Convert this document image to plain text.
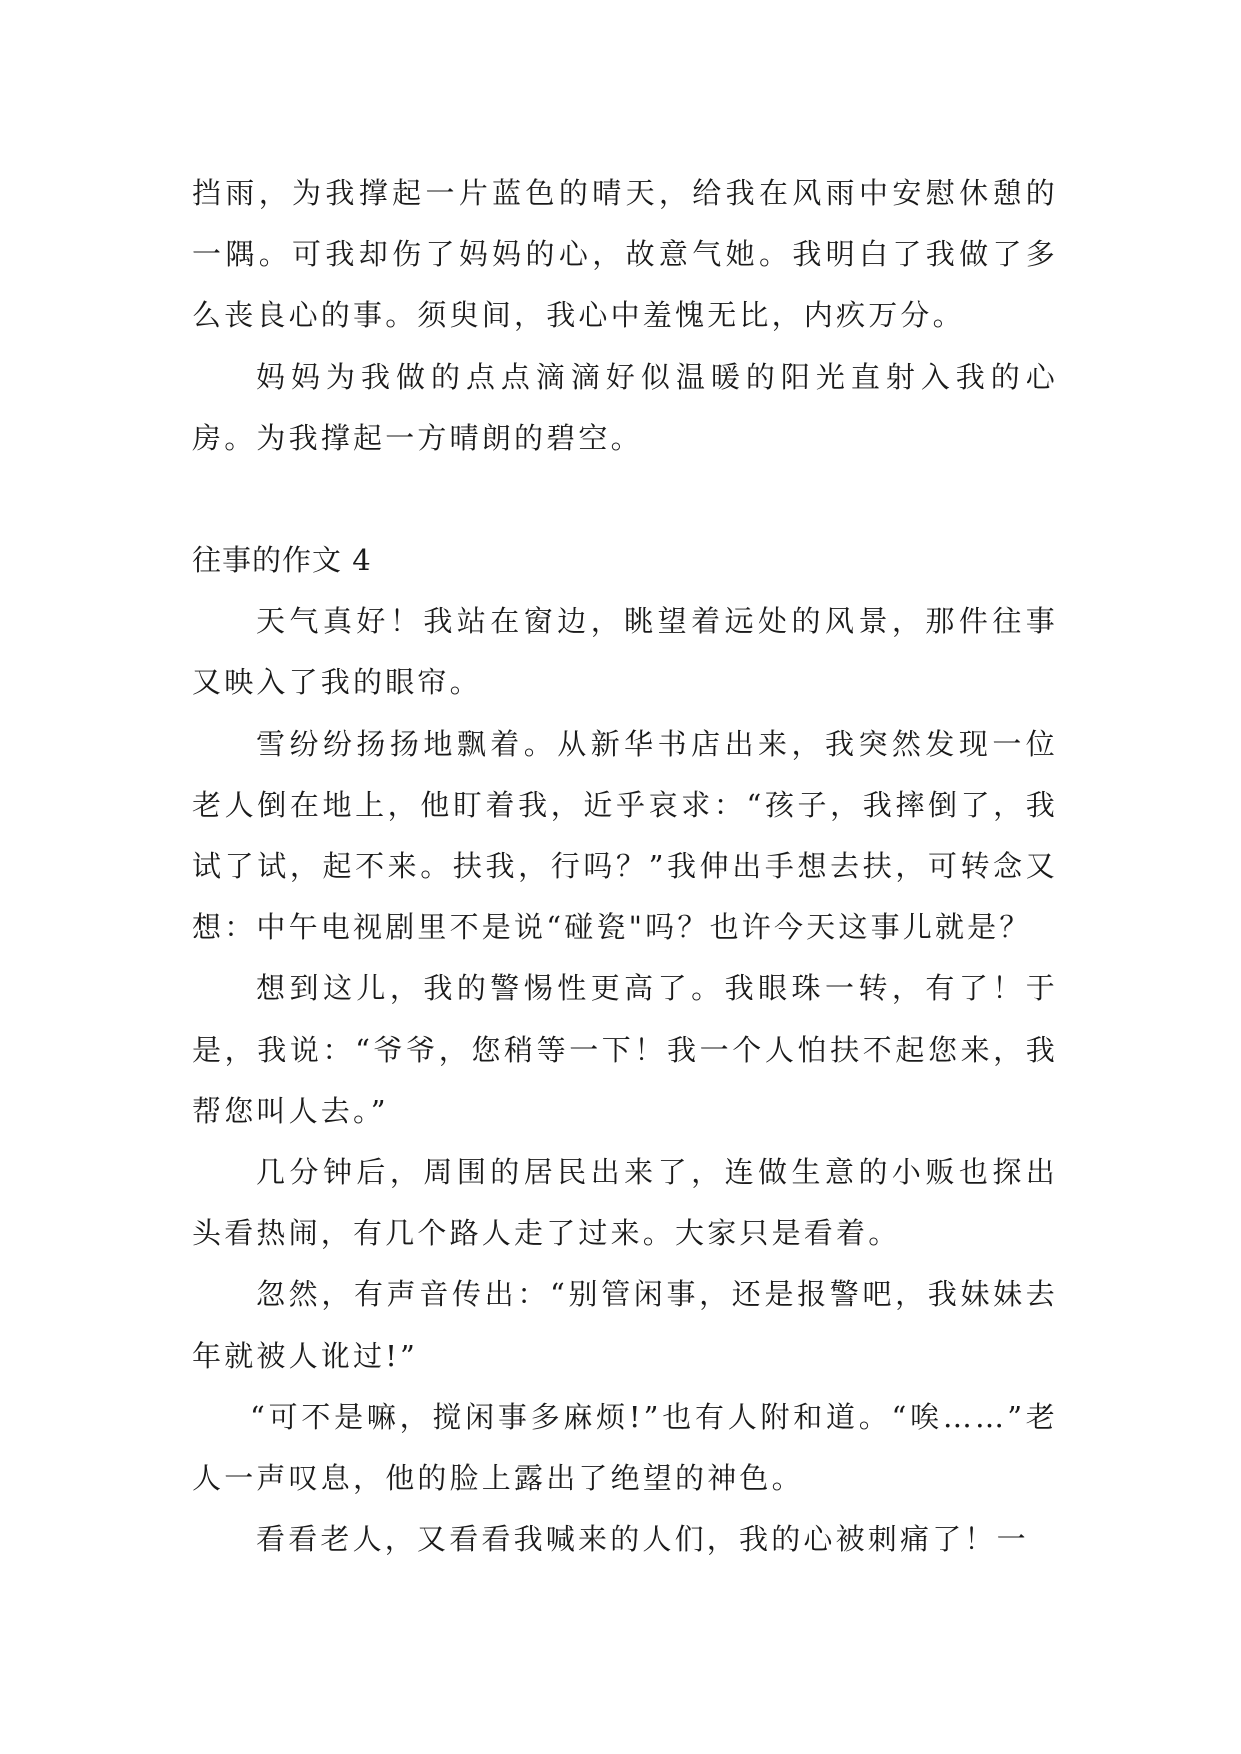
挡雨，为我撑起一片蓝色的晴天，给我在风雨中安慰休憩的一隅。可我却伤了妈妈的心，故意气她。我明白了我做了多么丧良心的事。须臾间，我心中羞愧无比，内疚万分。

妈妈为我做的点点滴滴好似温暖的阳光直射入我的心房。为我撑起一方晴朗的碧空。

往事的作文 4

天气真好！我站在窗边，眺望着远处的风景，那件往事又映入了我的眼帘。

雪纷纷扬扬地飘着。从新华书店出来，我突然发现一位老人倒在地上，他盯着我，近乎哀求：“孩子，我摔倒了，我试了试，起不来。扶我，行吗？”我伸出手想去扶，可转念又想：中午电视剧里不是说“碰瓷"吗？也许今天这事儿就是？

想到这儿，我的警惕性更高了。我眼珠一转，有了！于是，我说：“爷爷，您稍等一下！我一个人怕扶不起您来，我帮您叫人去。”

几分钟后，周围的居民出来了，连做生意的小贩也探出头看热闹，有几个路人走了过来。大家只是看着。

忽然，有声音传出：“别管闲事，还是报警吧，我妹妹去年就被人讹过!”

“可不是嘛，搅闲事多麻烦!”也有人附和道。“唉……”老人一声叹息，他的脸上露出了绝望的神色。

看看老人，又看看我喊来的人们，我的心被刺痛了！一
